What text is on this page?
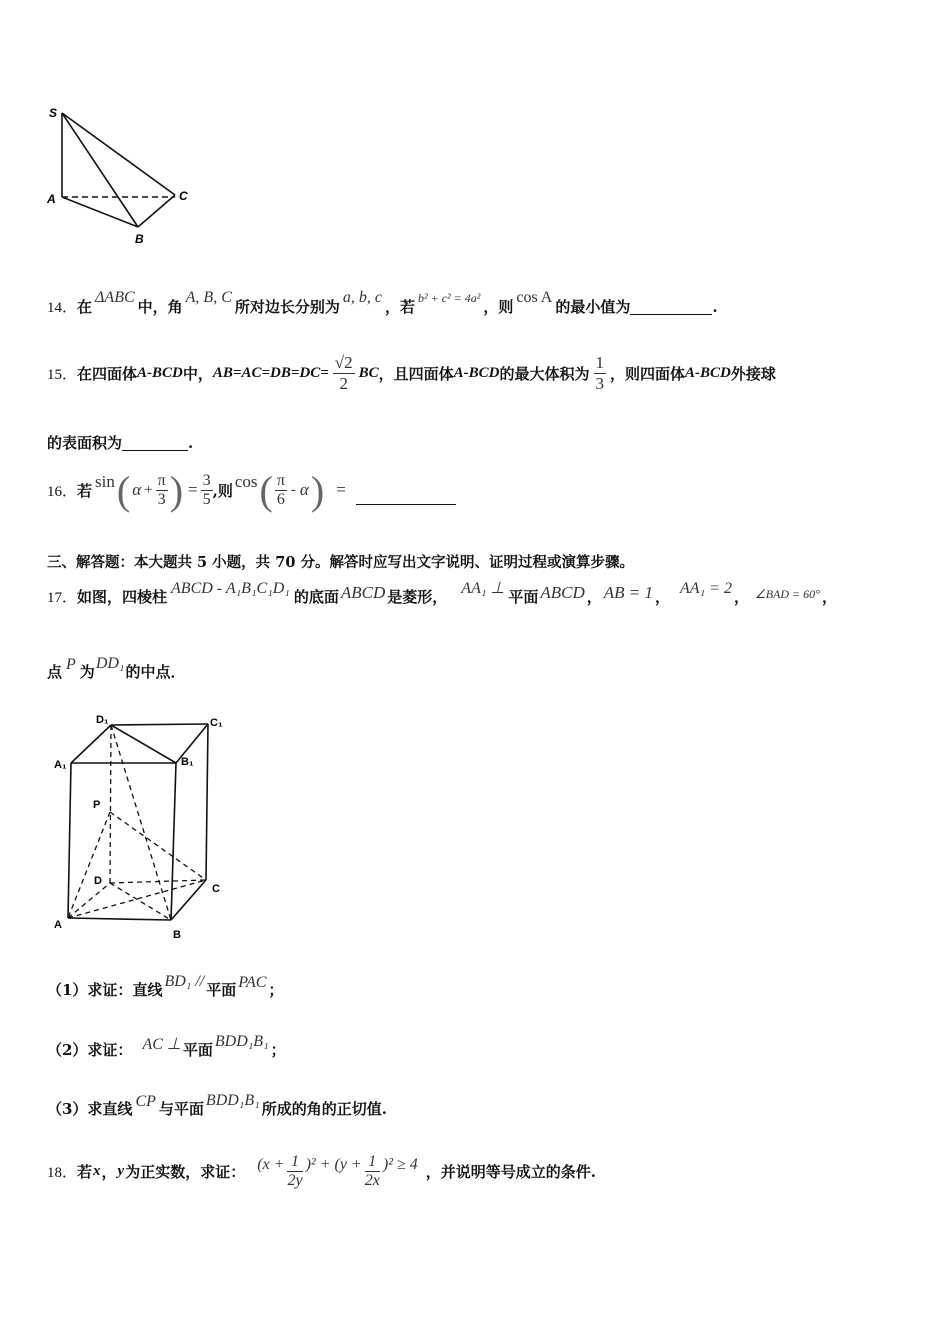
S
A
B
C
14．在ΔABC中，角A, B, C所对边长分别为a, b, c，若 $^{b^2 + c^2 = 4a^2}$ ，则cos A的最小值为	.
15． 在四面体 A-BCD 中， $AB=AC=DB=DC= \frac{√2}{2}$ BC ，且四面体 A-BCD 的最大体积为 $\frac{1}{3}$ ，则四面体 A-BCD 外接球
的表面积为	.
16． 若 sin ( $\alpha + \frac{\pi}{3}$ ) = $\frac{3}{5}$ ,则 cos ( $\frac{\pi}{6}$ - α ) =
三、解答题：本大题共 5 小题，共 70 分。解答时应写出文字说明、证明过程或演算步骤。
17．如图，四棱柱 ABCD - A₁B₁C₁D₁ 的底面 ABCD 是菱形， AA₁ ⊥ 平面 ABCD ， AB = 1 ， AA₁ = 2 ， $^{\angle BAD = 60^\circ}$ ，
点 P 为DD₁的中点．
D₁	C₁
A₁	B₁
P
D
C
A
B
（1）求证：直线 BD₁ // 平面 PAC ；
（2）求证： AC ⊥ 平面 BDD₁B₁ ；
（3）求直线 CP 与平面 BDD₁B₁ 所成的角的正切值.
18． 若 x ， y 为正实数，求证： $(x + \frac{1}{2y} )^2 + (y + \frac{1}{2x} )^2 \ge 4$ ，并说明等号成立的条件.
